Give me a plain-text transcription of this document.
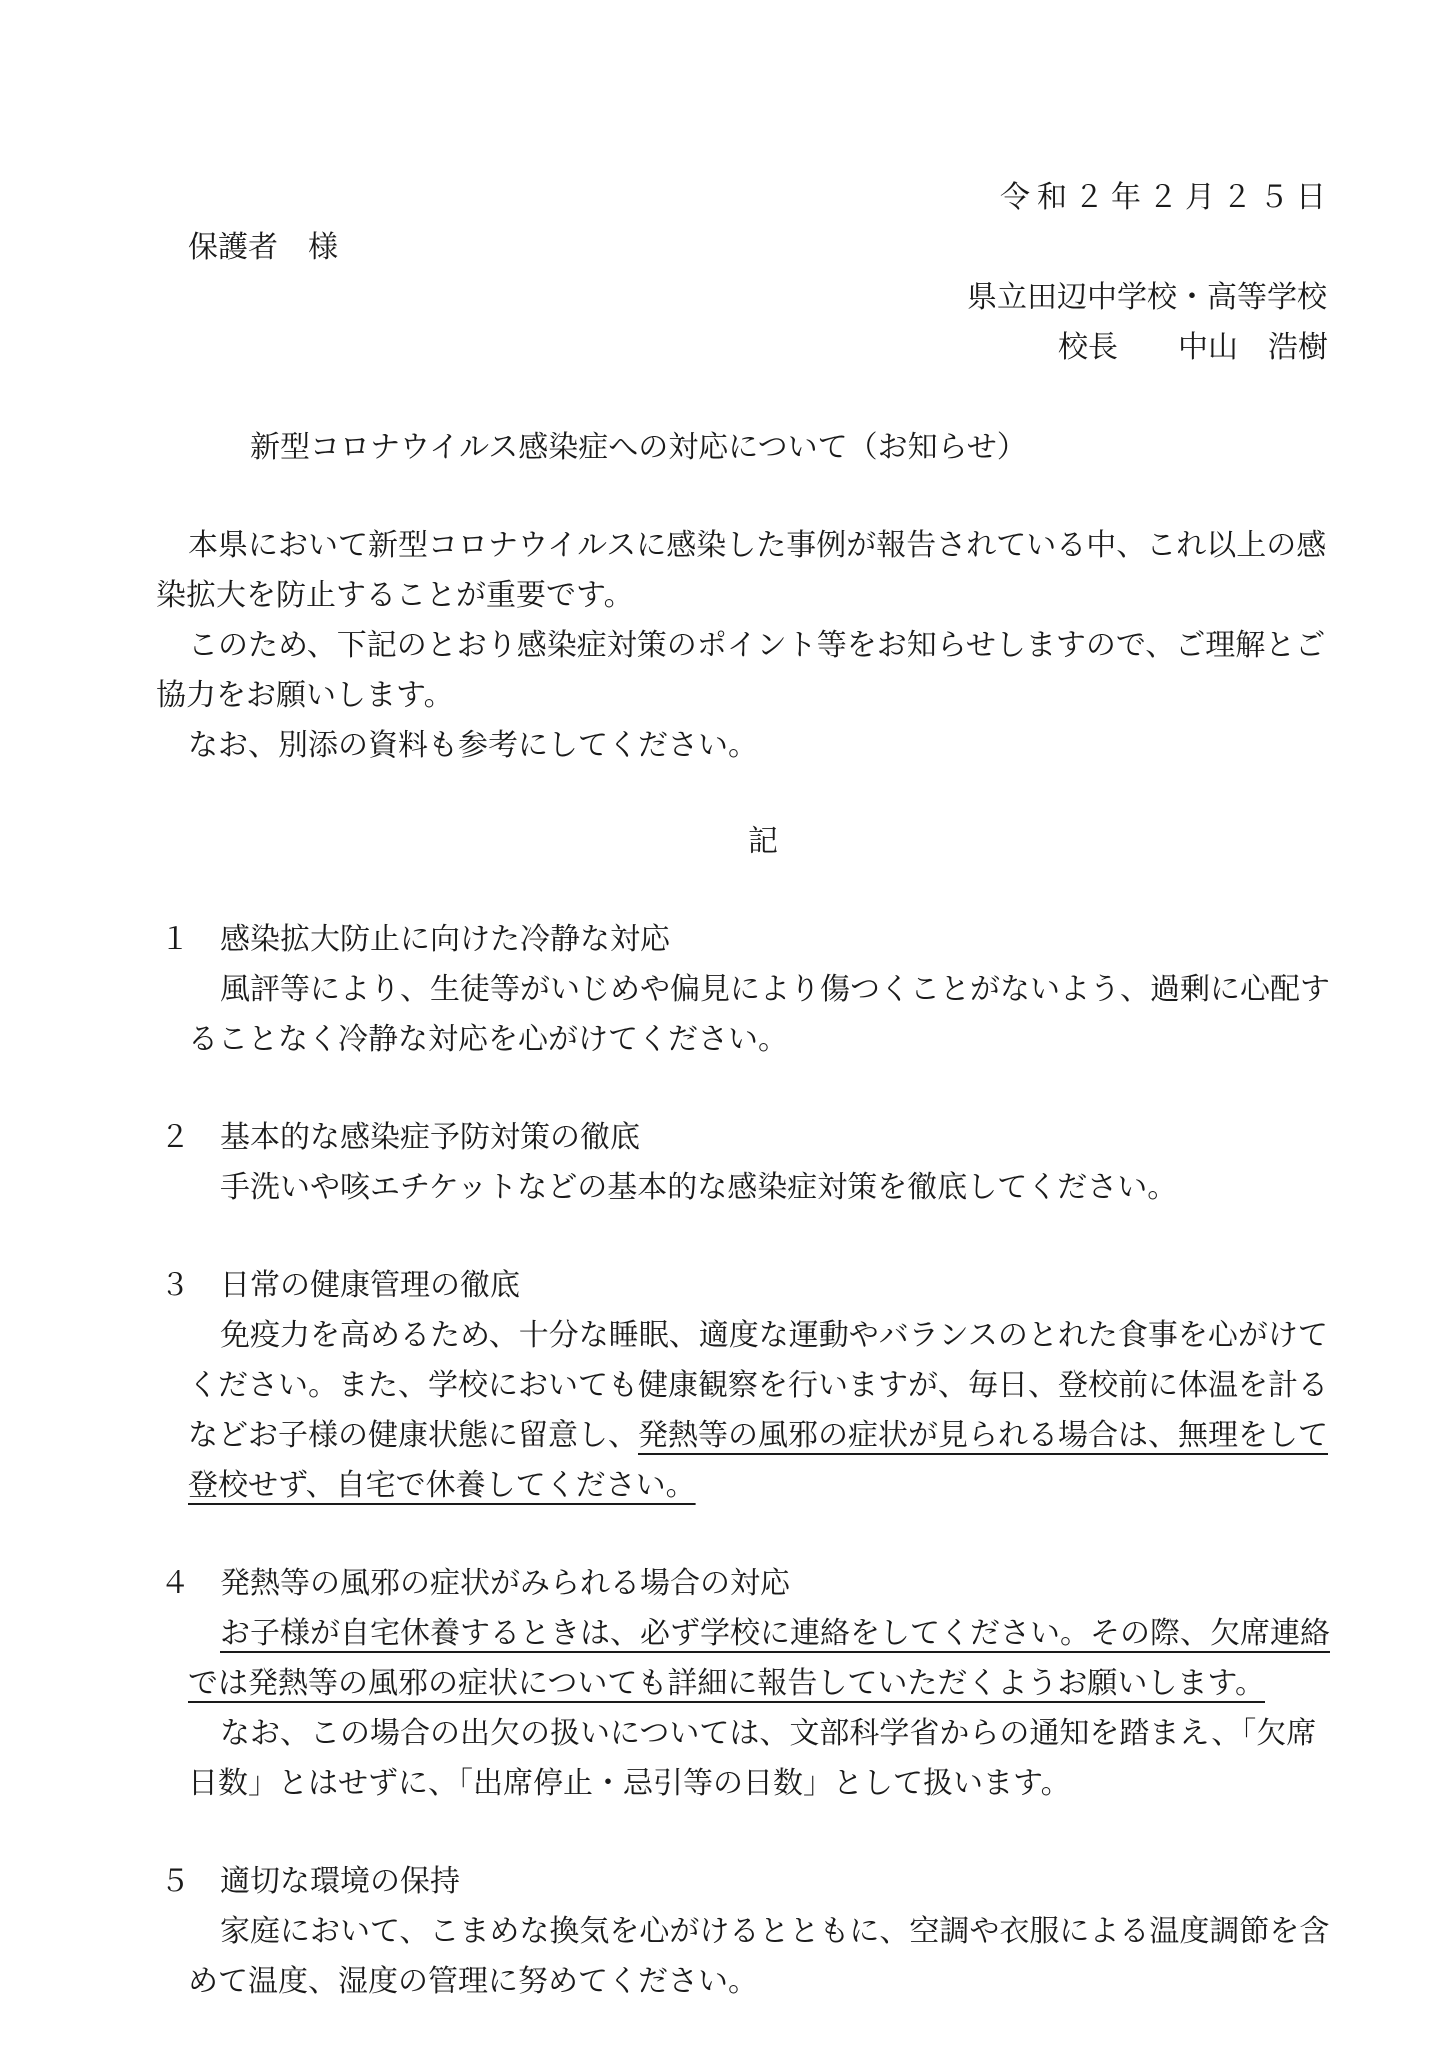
令和２年２月２５日
保護者　様
県立田辺中学校・高等学校
校長　　中山　浩樹
新型コロナウイルス感染症への対応について（お知らせ）
本県において新型コロナウイルスに感染した事例が報告されている中、これ以上の感
染拡大を防止することが重要です。
このため、下記のとおり感染症対策のポイント等をお知らせしますので、ご理解とご
協力をお願いします。
なお、別添の資料も参考にしてください。
記
１ 感染拡大防止に向けた冷静な対応
風評等により、生徒等がいじめや偏見により傷つくことがないよう、過剰に心配す
ることなく冷静な対応を心がけてください。
２ 基本的な感染症予防対策の徹底
手洗いや咳エチケットなどの基本的な感染症対策を徹底してください。
３ 日常の健康管理の徹底
免疫力を高めるため、十分な睡眠、適度な運動やバランスのとれた食事を心がけて
ください。また、学校においても健康観察を行いますが、毎日、登校前に体温を計る
などお子様の健康状態に留意し、発熱等の風邪の症状が見られる場合は、無理をして
登校せず、自宅で休養してください。
４ 発熱等の風邪の症状がみられる場合の対応
お子様が自宅休養するときは、必ず学校に連絡をしてください。その際、欠席連絡
では発熱等の風邪の症状についても詳細に報告していただくようお願いします。
なお、この場合の出欠の扱いについては、文部科学省からの通知を踏まえ、「欠席
日数」とはせずに、「出席停止・忌引等の日数」として扱います。
５ 適切な環境の保持
家庭において、こまめな換気を心がけるとともに、空調や衣服による温度調節を含
めて温度、湿度の管理に努めてください。
